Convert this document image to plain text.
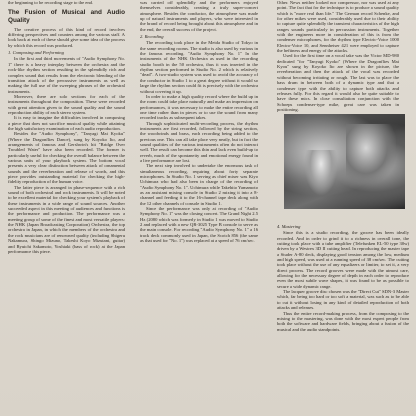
the beginning to be recording stage to the end.

The Fusion of Musical and Audio Quality

The creative process of this kind of record involves differing perspectives and counters among the various staff. A look back at each of these should give some idea of the process by which this record was produced.

1. Composing and Performing

In the first and third movements of "Audio Symphony No. 1" there is a heavy interplay between the orchestra and the rock-like rhythm section resulting in the splendidly rich and complex sound that results from the electronic blending of the transition attack of the percussive instruments as well as making the full use of the sweeping phrases of the orchestral instruments.

Moreover, there are solo sections for each of the instruments throughout the composition. These were recorded with great attention given to the sound quality and the sound reproduction ability of each stereo system.

It is easy to imagine the difficulties involved in composing a piece that does not sacrifice musical quality while attaining the high satisfactory examination of each audio reproduction.

Besides the "Audio Symphony", "Tanyagi Mai Kyoku" (Where the Dragonflies Dance), sung by Koyoko Ito, and arrangements of famous and Gershwin's hit "Bridge Over Troubled Water" have also been recorded. The former is particularly useful for checking the overall balance between the various units of your playback system. The bottom vocal presents a very clear distinction between attack of ornamental sounds and the reverberation and release of words, and this piece provides outstanding material for checking the high-fidelity reproduction of the human voice.

The latter piece is arranged in phase-sequence with a rich sound of both orchestral and rock instruments. It will be noted to be excellent material for checking your system's playback of these instruments in a wide range of sound sources. Another succeeded aspect in this meeting of audiences and functions is the performance and production. The performance was a meeting group of some of the finest and most versatile players: the NHK (Japan Broadcasting Corporation) Orchestra, the top orchestra in Japan, in which the members of the orchestra and the rock musicians are of renowned quality (including Shigeru Nakamura, Shingo Mizuno, Takeshi Koyo Mizutani, guitar) and Ryuichi Sakamoto, Yoshiaki (bass of rock) at the Japan performance this piece.

was carried off splendidly and the performers enjoyed themselves considerably, creating a truly super-concert atmosphere. Besides the conductor, the atmosphere was made up of natural instruments and players, who were interested in the brand of record being brought about this atmosphere and in the end, the overall success of the project.

2. Recording

The recording took place in the Meida Studio of Tokyo in the same recording rooms. The studio is also used by various in the famous recording. "Audio Symphony No. 1" In the instruments of the NHK Orchestra as used in the recording studio booth in the 50 orchestra, thus it was inserted in the rhythm section performed in Studio No. 2 which is relatively "dead". A two-studio system was used to avoid the accuracy of the conductor in Studio 1 to a great degree without it would so large the rhythm section could fit is precisely with the orchestra without covering it up.

In order to make a high quality record where the build up in the room could take place naturally and make an impression on performances, it was necessary to make the entire recording all one time rather than in pieces or to use the sound from many recorded tracks as subsequent takes.

Through sophisticated multi-recording process, the rhythm instruments are first recorded, followed by the string section, the woodwinds and brass, each recording being added to the previous one. This can all take place very neatly, but in fact the sound qualities of the various instruments often do not interact well. The result can become this thin and lack even build-up to reverb, much of the spontaneity and emotional energy found in a live performance are lost.

The next step involved to undertake the enormous task of simultaneous recording, requiring about forty separate microphones. In Studio No. 1 serving as chief mixer was Kiyo Uchimura who had also been in charge of the recording of "Audio Symphony No. 1". Uchimura while Takehito Yamamoto as an assistant mixing console in Studio 2 mixing it into a 8-channel and feeding it to the 16-channel tape deck along with the 12 other channels of console in Studio 1.

Since the performance was only at recording of "Audio Symphony No. 1" was the closing concert. The Grand Night 2.5 Hz (2080 which was formerly in Studio 1 was moved to Studio 2 and replaced with a new QR-3025 Type B console to serve as the main console. For recording "Audio Symphony No. 1" a 16 track deck commonly used in Japan, the Scotch 856 (the same as that used for "No. 1") was replaced at a speed of 76 cm/sec.

Other. News neither looked nor compressor, nor was used at any point. The fact that for the technique is to produce a sound quality which is "more real than life." The German record Schenke, and for other mikes were used, considerably used due to their ability to capture quite splendidly the transient characteristics of the high ranges sounds particularly in percussion instruments. Together with the engineers more in consideration of this is from the condenser microphones, for the rhythm type Electric-Voice 1000 Electro-Voice 10, and Sennheiser 421 were employed to capture the heftiness and energy of the attacks.

Used for the first time on a vocal take was the Victor MD-980 dedicated "for "Tanyagi Kyoko" (Where the Dragonflies Mai Kyou" sung by Koyoko Ito are shown in the picture, the reverberation and then the attack of the vocal was recorded without becoming irritating or rough. The last was to place the bass drum in between both of a dynamic type and that a condenser type with the ability to capture both attacks and releases fully. For this regard it would also be quite suitable to have these mics. In close consultation conjunction with the Schoeps condenser-type mike, great care was taken in positioning.

4. Mastering

Since this is a studio recording, the groove has been ideally recorded. And in order to grind it to a richness in overall tone, the cutting took place with a tube amplifier (Telefunken EL-50 type 30w) driven by a Westrex 3D II cutting head. In reproducing the master tape a Studer A-80 deck, displaying good tension among the low, medium and high speed, was used at a running speed of 38 cm/sec. The cutting took place without the use of any equalizers or limiter, to set it, a very direct process. The record grooves were made with the utmost care, allowing for the necessary degree of depth in each order to reproduce even the most subtle wave shapes, it was found to be as possible to secure a wide dynamic range.

The lacquer groove disc chosen was the "Direct Cut" SDN-3 Master which, far being too hard or too soft a material, was such as to be able to cut it without losing in any kind of detailed reproduction of both attacks and releases.

Thus the entire record-making process, from the composing to the mixing to the mastering, was done with the most expert people from both the software and hardware fields, bringing about a fusion of the musical and the audio standpoints.
